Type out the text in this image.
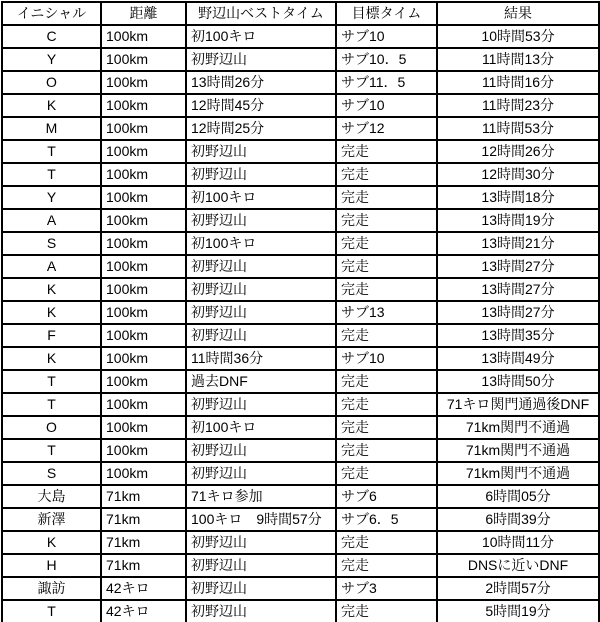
イニシャル	距離	野辺山ベストタイム	目標タイム	結果
C	100km	初100キロ	サブ10	10時間53分
Y	100km	初野辺山	サブ10．5	11時間13分
O	100km	13時間26分	サブ11．5	11時間16分
K	100km	12時間45分	サブ10	11時間23分
M	100km	12時間25分	サブ12	11時間53分
T	100km	初野辺山	完走	12時間26分
T	100km	初野辺山	完走	12時間30分
Y	100km	初100キロ	完走	13時間18分
A	100km	初野辺山	完走	13時間19分
S	100km	初100キロ	完走	13時間21分
A	100km	初野辺山	完走	13時間27分
K	100km	初野辺山	完走	13時間27分
K	100km	初野辺山	サブ13	13時間27分
F	100km	初野辺山	完走	13時間35分
K	100km	11時間36分	サブ10	13時間49分
T	100km	過去DNF	完走	13時間50分
T	100km	初野辺山	完走	71キロ関門通過後DNF
O	100km	初100キロ	完走	71km関門不通過
T	100km	初野辺山	完走	71km関門不通過
S	100km	初野辺山	完走	71km関門不通過
大島	71km	71キロ参加	サブ6	6時間05分
新澤	71km	100キロ　9時間57分	サブ6．5	6時間39分
K	71km	初野辺山	完走	10時間11分
H	71km	初野辺山	完走	DNSに近いDNF
諏訪	42キロ	初野辺山	サブ3	2時間57分
T	42キロ	初野辺山	完走	5時間19分
